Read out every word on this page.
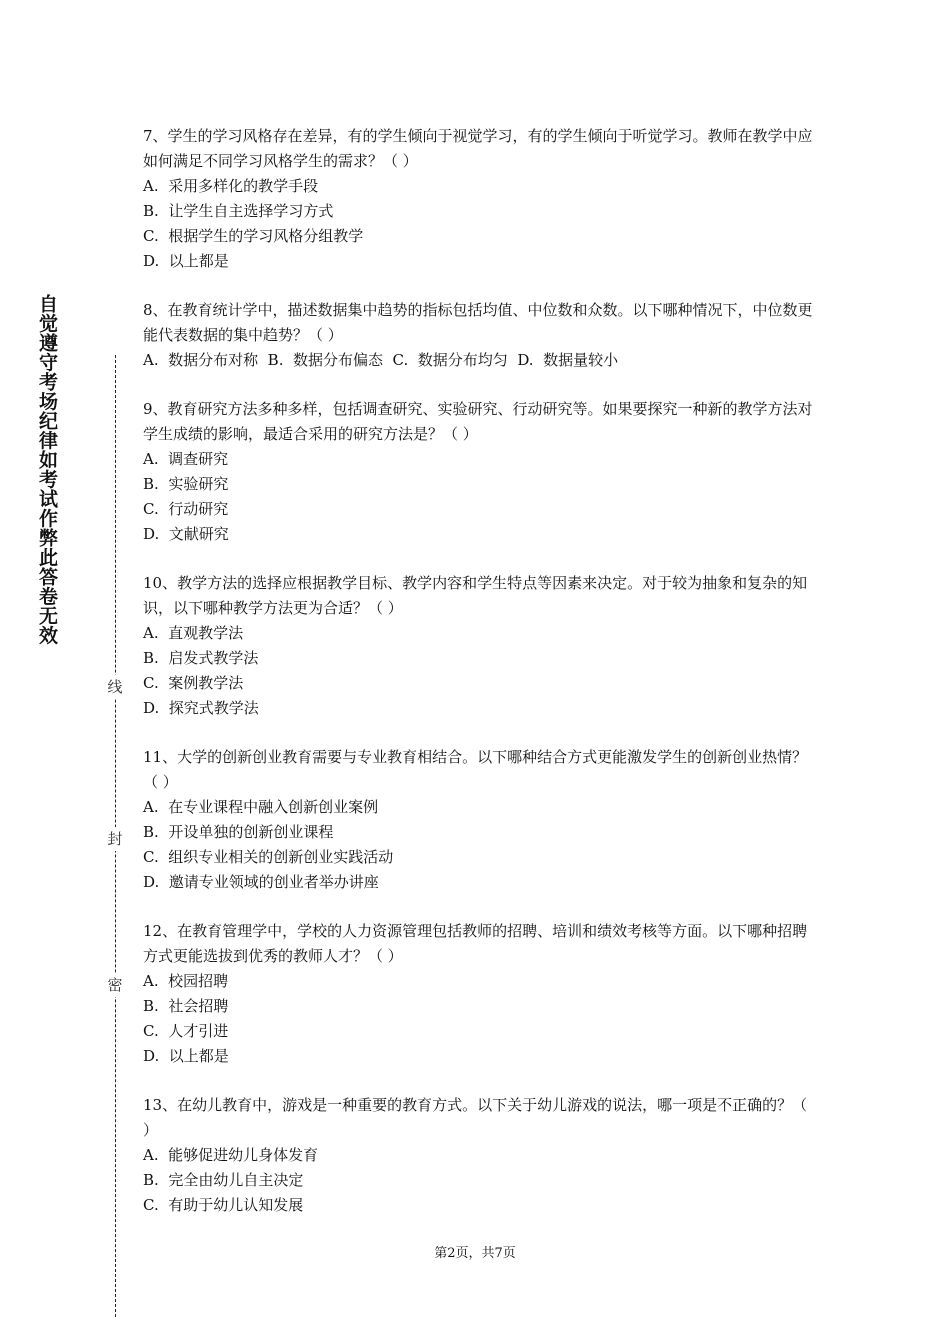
自觉遵守考场纪律如考试作弊此答卷无效
线
封
密

7、学生的学习风格存在差异，有的学生倾向于视觉学习，有的学生倾向于听觉学习。教师在教学中应如何满足不同学习风格学生的需求？（ ）

A.  采用多样化的教学手段

B.  让学生自主选择学习方式

C.  根据学生的学习风格分组教学

D.  以上都是

8、在教育统计学中，描述数据集中趋势的指标包括均值、中位数和众数。以下哪种情况下，中位数更能代表数据的集中趋势？（ ）

A.  数据分布对称  B.  数据分布偏态  C.  数据分布均匀  D.  数据量较小

9、教育研究方法多种多样，包括调查研究、实验研究、行动研究等。如果要探究一种新的教学方法对学生成绩的影响，最适合采用的研究方法是？（ ）

A.  调查研究

B.  实验研究

C.  行动研究

D.  文献研究

10、教学方法的选择应根据教学目标、教学内容和学生特点等因素来决定。对于较为抽象和复杂的知识，以下哪种教学方法更为合适？（ ）

A.  直观教学法

B.  启发式教学法

C.  案例教学法

D.  探究式教学法

11、大学的创新创业教育需要与专业教育相结合。以下哪种结合方式更能激发学生的创新创业热情？（ ）

A.  在专业课程中融入创新创业案例

B.  开设单独的创新创业课程

C.  组织专业相关的创新创业实践活动

D.  邀请专业领域的创业者举办讲座

12、在教育管理学中，学校的人力资源管理包括教师的招聘、培训和绩效考核等方面。以下哪种招聘方式更能选拔到优秀的教师人才？（ ）

A.  校园招聘

B.  社会招聘

C.  人才引进

D.  以上都是

13、在幼儿教育中，游戏是一种重要的教育方式。以下关于幼儿游戏的说法，哪一项是不正确的？（ ）

A.  能够促进幼儿身体发育

B.  完全由幼儿自主决定

C.  有助于幼儿认知发展

第2页，共7页
